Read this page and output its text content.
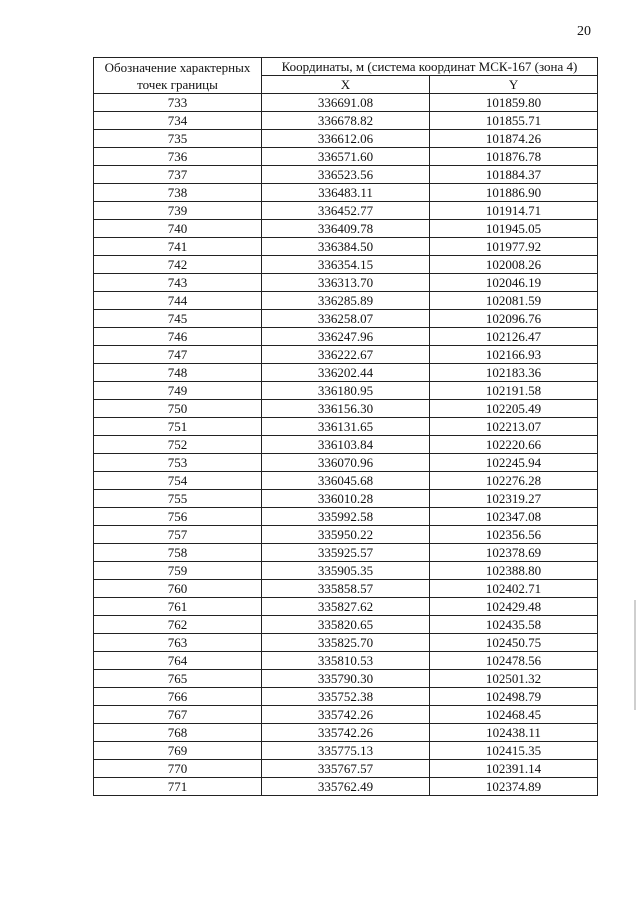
20
Обозначение характерных точек границы	Координаты, м (система координат МСК-167 (зона 4)	
	X	Y
733	336691.08	101859.80
734	336678.82	101855.71
735	336612.06	101874.26
736	336571.60	101876.78
737	336523.56	101884.37
738	336483.11	101886.90
739	336452.77	101914.71
740	336409.78	101945.05
741	336384.50	101977.92
742	336354.15	102008.26
743	336313.70	102046.19
744	336285.89	102081.59
745	336258.07	102096.76
746	336247.96	102126.47
747	336222.67	102166.93
748	336202.44	102183.36
749	336180.95	102191.58
750	336156.30	102205.49
751	336131.65	102213.07
752	336103.84	102220.66
753	336070.96	102245.94
754	336045.68	102276.28
755	336010.28	102319.27
756	335992.58	102347.08
757	335950.22	102356.56
758	335925.57	102378.69
759	335905.35	102388.80
760	335858.57	102402.71
761	335827.62	102429.48
762	335820.65	102435.58
763	335825.70	102450.75
764	335810.53	102478.56
765	335790.30	102501.32
766	335752.38	102498.79
767	335742.26	102468.45
768	335742.26	102438.11
769	335775.13	102415.35
770	335767.57	102391.14
771	335762.49	102374.89
